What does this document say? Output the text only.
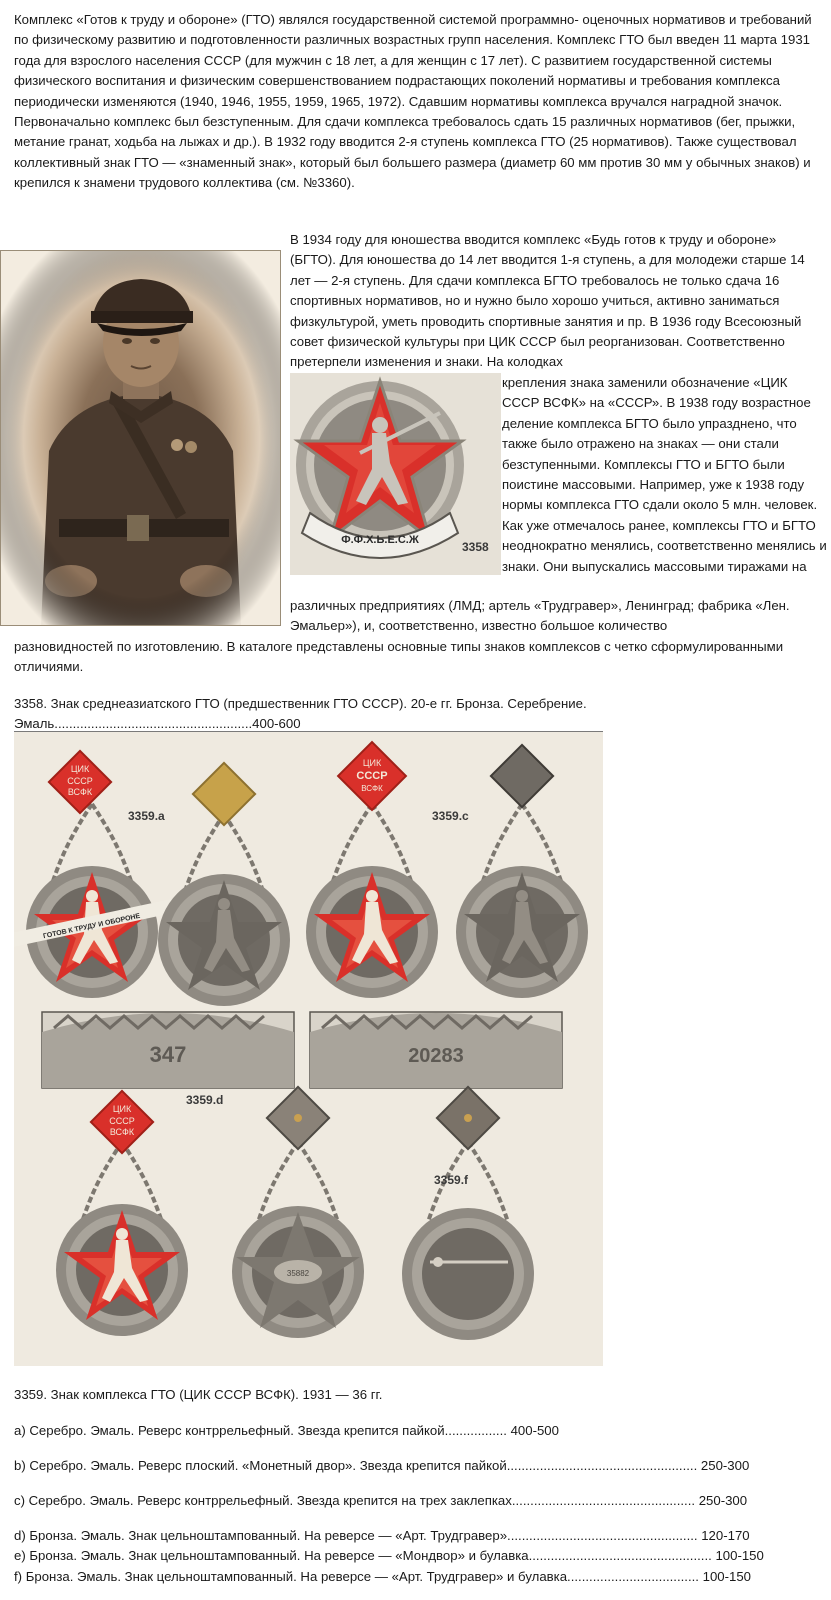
Комплекс «Готов к труду и обороне» (ГТО) являлся государственной системой программно- оценочных нормативов и требований по физическому развитию и подготовленности различных возрастных групп населения. Комплекс ГТО был введен 11 марта 1931 года для взрослого населения СССР (для мужчин с 18 лет, а для женщин с 17 лет). С развитием государственной системы физического воспитания и физическим совершенствованием подрастающих поколений нормативы и требования комплекса периодически изменяются (1940, 1946, 1955, 1959, 1965, 1972). Сдавшим нормативы комплекса вручался наградной значок. Первоначально комплекс был безступенным. Для сдачи комплекса требовалось сдать 15 различных нормативов (бег, прыжки, метание гранат, ходьба на лыжах и др.). В 1932 году вводится 2-я ступень комплекса ГТО (25 нормативов). Также существовал коллективный знак ГТО — «знаменный знак», который был большего размера (диаметр 60 мм против 30 мм у обычных знаков) и крепился к знамени трудового коллектива (см. №3360).

В 1934 году для юношества вводится комплекс «Будь готов к труду и обороне» (БГТО). Для юношества до 14 лет вводится 1-я ступень, а для молодежи старше 14 лет — 2-я ступень. Для сдачи комплекса БГТО требовалось не только сдача 16 спортивных нормативов, но и нужно было хорошо учиться, активно заниматься физкультурой, уметь проводить спортивные занятия и пр. В 1936 году Всесоюзный совет физической культуры при ЦИК СССР был реорганизован. Соответственно претерпели изменения и знаки. На колодках

Ф.Ф.Х.Ь.Е.С.Ж	3358

крепления знака заменили обозначение «ЦИК СССР ВСФК» на «СССР». В 1938 году возрастное деление комплекса БГТО было упразднено, что также было отражено на знаках — они стали безступенными. Комплексы ГТО и БГТО были поистине массовыми. Например, уже к 1938 году нормы комплекса ГТО сдали около 5 млн. человек. Как уже отмечалось ранее, комплексы ГТО и БГТО неоднократно менялись, соответственно менялись и знаки. Они выпускались массовыми тиражами на

различных предприятиях (ЛМД; артель «Трудгравер», Ленинград; фабрика «Лен. Эмальер»), и, соответственно, известно большое количество

разновидностей по изготовлению. В каталоге представлены основные типы знаков комплексов с четко сформулированными отличиями.

3358. Знак среднеазиатского ГТО (предшественник ГТО СССР). 20-е гг. Бронза. Серебрение. Эмаль......................................................400-600

ГОТОВ К ТРУДУ И ОБОРОНЕ
ЦИК
СССР
ВСФК
3359.a
ЦИК
СССР
ВСФК
3359.c
347	20283
ЦИК
СССР
ВСФК
3359.d
35882
3359.f

3359. Знак комплекса ГТО (ЦИК СССР ВСФК). 1931 — 36 гг.

a) Серебро. Эмаль. Реверс контррельефный. Звезда крепится пайкой................. 400-500
b) Серебро. Эмаль. Реверс плоский. «Монетный двор». Звезда крепится пайкой.................................................... 250-300
c) Серебро. Эмаль. Реверс контррельефный. Звезда крепится на трех заклепках.................................................. 250-300
d) Бронза. Эмаль. Знак цельноштампованный. На реверсе — «Арт. Трудгравер».................................................... 120-170
e) Бронза. Эмаль. Знак цельноштампованный. На реверсе — «Мондвор» и булавка.................................................. 100-150
f) Бронза. Эмаль. Знак цельноштампованный. На реверсе — «Арт. Трудгравер» и булавка.................................... 100-150
